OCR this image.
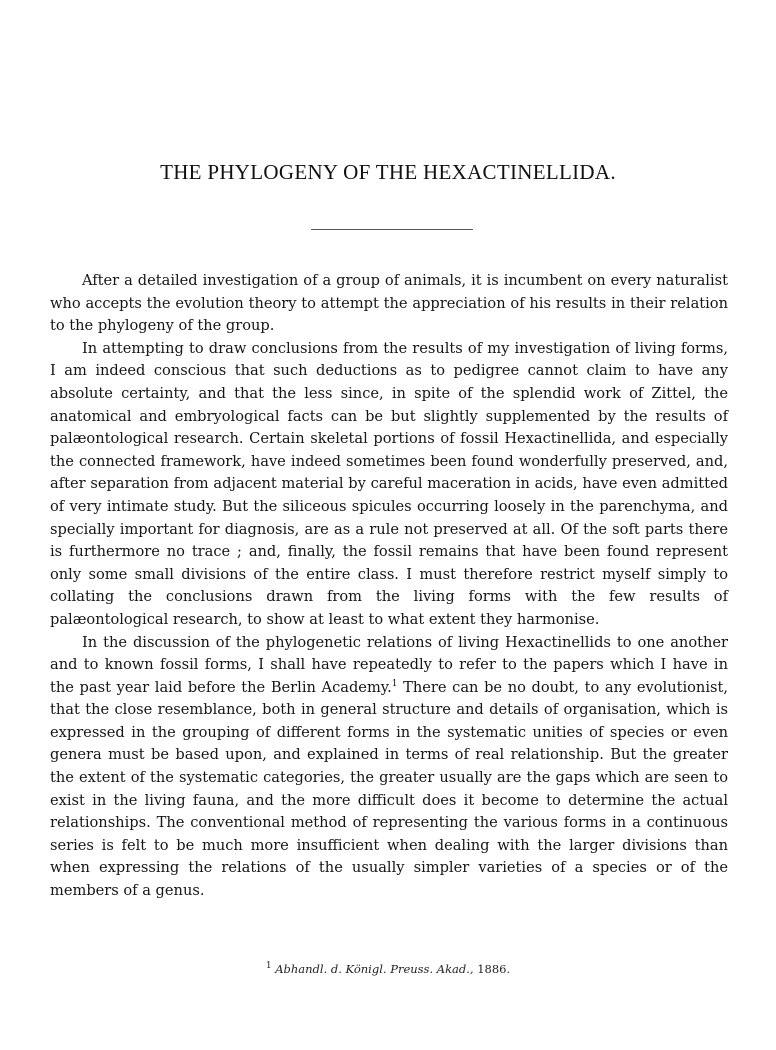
THE PHYLOGENY OF THE HEXACTINELLIDA.

After a detailed investigation of a group of animals, it is incumbent on every naturalist who accepts the evolution theory to attempt the appreciation of his results in their relation to the phylogeny of the group.

In attempting to draw conclusions from the results of my investigation of living forms, I am indeed conscious that such deductions as to pedigree cannot claim to have any absolute certainty, and that the less since, in spite of the splendid work of Zittel, the anatomical and embryological facts can be but slightly supplemented by the results of palæontological research. Certain skeletal portions of fossil Hexactinellida, and especially the connected framework, have indeed sometimes been found wonderfully preserved, and, after separation from adjacent material by careful maceration in acids, have even admitted of very intimate study. But the siliceous spicules occurring loosely in the parenchyma, and specially important for diagnosis, are as a rule not preserved at all. Of the soft parts there is furthermore no trace ; and, finally, the fossil remains that have been found represent only some small divisions of the entire class. I must therefore restrict myself simply to collating the conclusions drawn from the living forms with the few results of palæontological research, to show at least to what extent they harmonise.

In the discussion of the phylogenetic relations of living Hexactinellids to one another and to known fossil forms, I shall have repeatedly to refer to the papers which I have in the past year laid before the Berlin Academy.$^1$ There can be no doubt, to any evolutionist, that the close resemblance, both in general structure and details of organisation, which is expressed in the grouping of different forms in the systematic unities of species or even genera must be based upon, and explained in terms of real relationship. But the greater the extent of the systematic categories, the greater usually are the gaps which are seen to exist in the living fauna, and the more difficult does it become to determine the actual relationships. The conventional method of representing the various forms in a continuous series is felt to be much more insufficient when dealing with the larger divisions than when expressing the relations of the usually simpler varieties of a species or of the members of a genus.

$^1$ Abhandl. d. Königl. Preuss. Akad., 1886.
